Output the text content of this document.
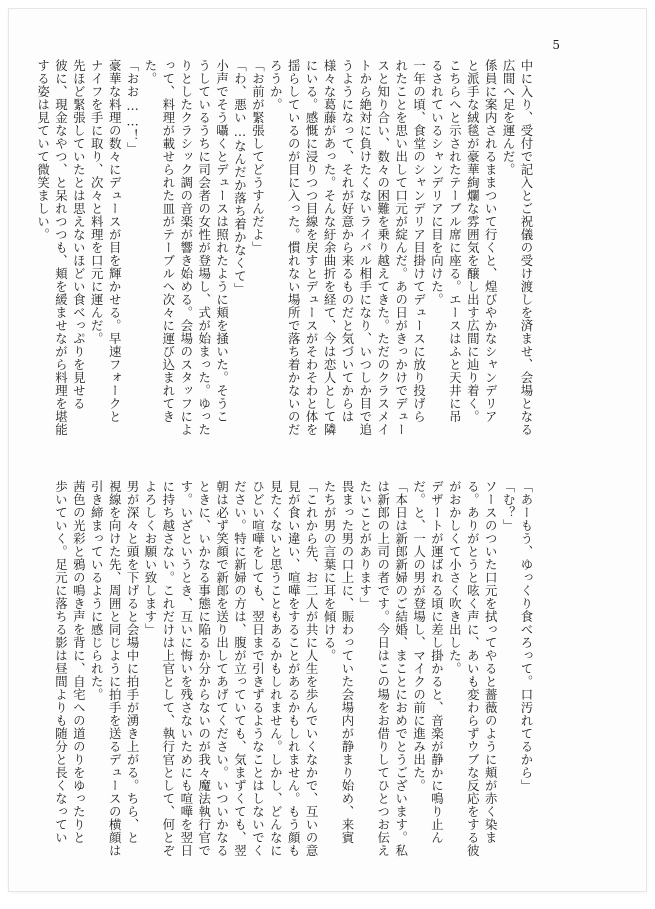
5
中に入り、受付で記入とご祝儀の受け渡しを済ませ、会場となる
広間へ足を運んだ。
係員に案内されるままついて行くと、煌びやかなシャンデリア
と派手な絨毯が豪華絢爛な雰囲気を醸し出す広間に辿り着く。
こちらへと示されたテーブル席に座る。エースはふと天井に吊
るされているシャンデリアに目を向けた。
一年の頃、食堂のシャンデリア目掛けてデュースに放り投げら
れたことを思い出して口元が綻んだ。あの日がきっかけでデュー
スと知り合い、数々の困難を乗り越えてきた。ただのクラスメイ
トから絶対に負けたくないライバル相手になり、いつしか目で追
うようになって、それが好意から来るものだと気づいてからは
様々な葛藤があった。そんな紆余曲折を経て、今は恋人として隣
にいる。感慨に浸りつつ目線を戻すとデュースがそわそわと体を
揺らしているのが目に入った。慣れない場所で落ち着かないのだ
ろうか。
「お前が緊張してどうすんだよ」
「わ、悪い…なんだか落ち着かなくて」
小声でそう囁くとデュースは照れたように頬を掻いた。そうこ
うしているうちに司会者の女性が登場し、式が始まった。ゆった
りとしたクラシック調の音楽が響き始める。会場のスタッフによ
って、料理が載せられた皿がテーブルへ次々に運び込まれてき
た。
「おお……！」
豪華な料理の数々にデュースが目を輝かせる。早速フォークと
ナイフを手に取り、次々と料理を口元に運んだ。
先ほど緊張していたとは思えないほどい食べっぷりを見せる
彼に、現金なやつ、と呆れつつも、頬を緩ませながら料理を堪能
する姿は見ていて微笑ましい。
「あーもう、ゆっくり食べろって。口汚れてるから」
「む？」
ソースのついた口元を拭ってやると薔薇のように頬が赤く染ま
る。ありがとうと呟く声に、あいも変わらずウブな反応をする彼
がおかしくて小さく吹き出した。
デザートが運ばれる頃に差し掛かると、音楽が静かに鳴り止ん
だ。と、一人の男が登場し、マイクの前に進み出た。
「本日は新郎新婦のご結婚、まことにおめでとうございます。私
は新郎の上司の者です。今日はこの場をお借りしてひとつお伝え
たいことがあります」
畏まった男の口上に、賑わっていた会場内が静まり始め、来賓
たちが男の言葉に耳を傾ける。
「これから先、お二人が共に人生を歩んでいくなかで、互いの意
見が食い違い、喧嘩をすることがあるかもしれません。もう顔も
見たくないと思うこともあるかもしれません。しかし、どんなに
ひどい喧嘩をしても、翌日まで引きずるようなことはしないでく
ださい。特に新婦の方は、腹が立っていても、気まずくても、翌
朝は必ず笑顔で新郎を送り出してあげてください。いついかなる
ときに、いかなる事態に陥るか分からないのが我々魔法執行官で
す。いざというとき、互いに悔いを残さないためにも喧嘩を翌日
に持ち越さない。これだけは上官として、執行官として、何とぞ
よろしくお願い致します」
男が深々と頭を下げると会場中に拍手が湧き上がる。ちら、と
視線を向けた先、周囲と同じように拍手を送るデュースの横顔は
引き締まっているように感じられた。
茜色の光彩と鴉の鳴き声を背に、自宅への道のりをゆったりと
歩いていく。足元に落ちる影は昼間よりも随分と長くなってい
